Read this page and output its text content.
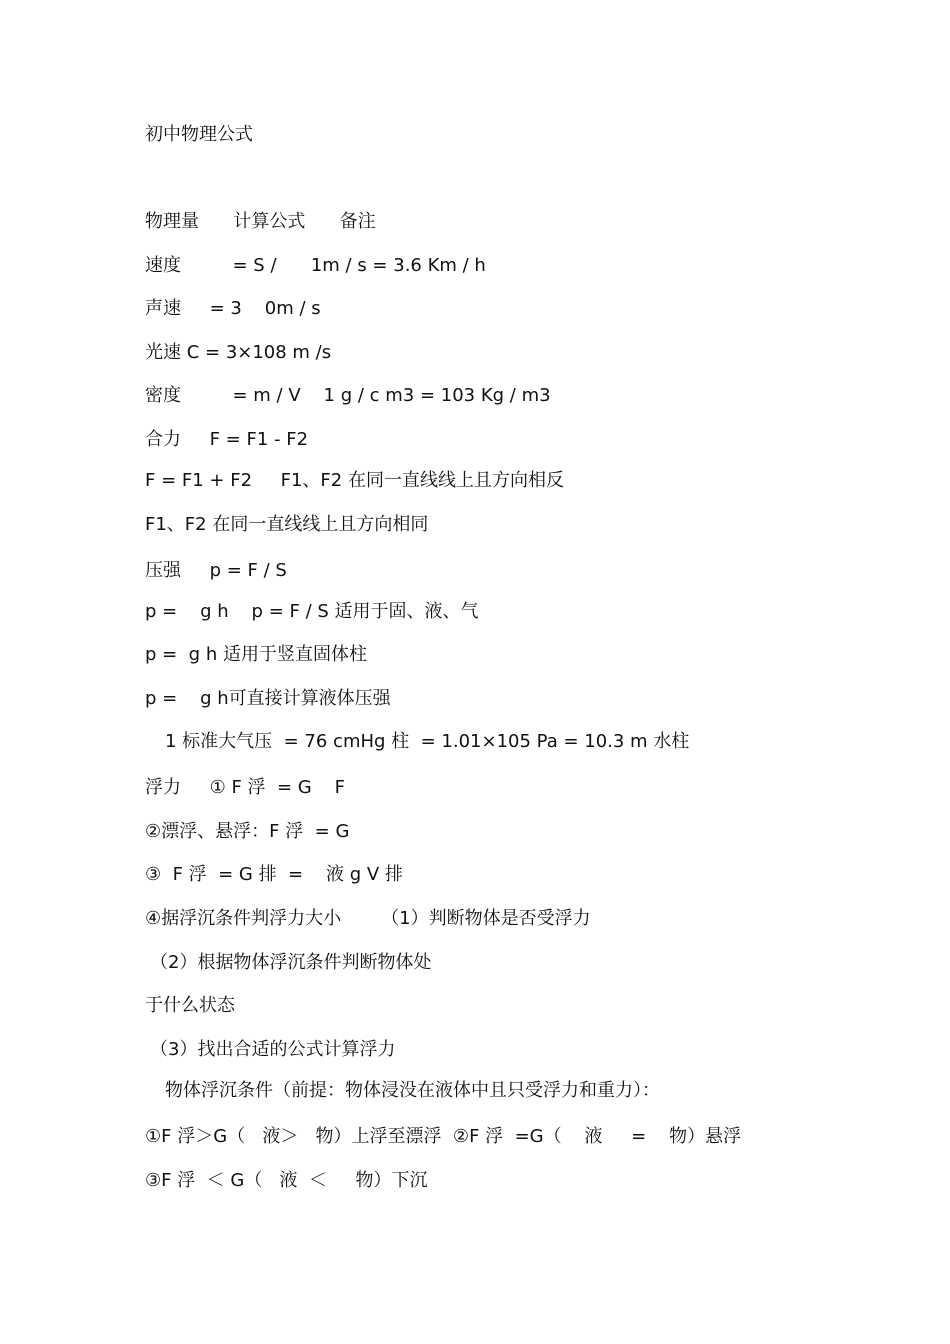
初中物理公式
物理量      计算公式      备注
速度         = S /      1m / s = 3.6 Km / h
声速     = 3    0m / s
光速 C = 3×108 m /s
密度         = m / V    1 g / c m3 = 103 Kg / m3
合力     F = F1 - F2
F = F1 + F2     F1、F2 在同一直线线上且方向相反
F1、F2 在同一直线线上且方向相同
压强     p = F / S
p =    g h    p = F / S 适用于固、液、气
p =  g h 适用于竖直固体柱
p =    g h可直接计算液体压强
1 标准大气压  = 76 cmHg 柱  = 1.01×105 Pa = 10.3 m 水柱
浮力     ① F 浮  = G    F
②漂浮、悬浮：F 浮  = G
③  F 浮  = G 排  =    液 g V 排
④据浮沉条件判浮力大小       （1）判断物体是否受浮力
（2）根据物体浮沉条件判断物体处
于什么状态
（3）找出合适的公式计算浮力
物体浮沉条件（前提：物体浸没在液体中且只受浮力和重力）：
①F 浮＞G（   液＞   物）上浮至漂浮  ②F 浮  =G（    液     =    物）悬浮
③F 浮  ＜ G（   液  ＜     物）下沉
